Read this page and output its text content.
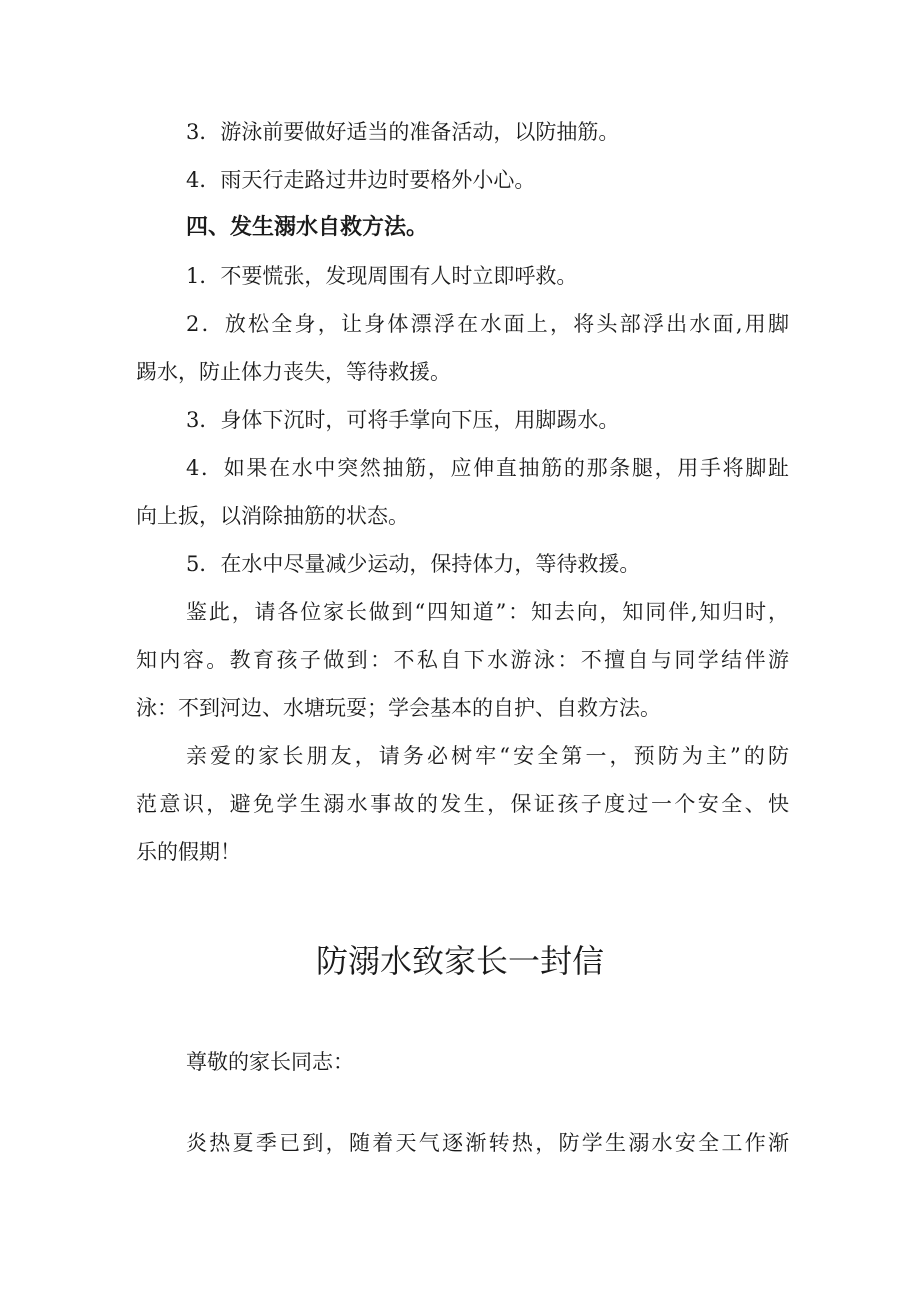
3．游泳前要做好适当的准备活动，以防抽筋。
4．雨天行走路过井边时要格外小心。
四、发生溺水自救方法。
1．不要慌张，发现周围有人时立即呼救。
2．放松全身，让身体漂浮在水面上，将头部浮出水面,用脚
踢水，防止体力丧失，等待救援。
3．身体下沉时，可将手掌向下压，用脚踢水。
4．如果在水中突然抽筋，应伸直抽筋的那条腿，用手将脚趾
向上扳，以消除抽筋的状态。
5．在水中尽量减少运动，保持体力，等待救援。
鉴此，请各位家长做到“四知道”：知去向，知同伴,知归时，
知内容。教育孩子做到：不私自下水游泳：不擅自与同学结伴游
泳：不到河边、水塘玩耍；学会基本的自护、自救方法。
亲爱的家长朋友，请务必树牢“安全第一，预防为主”的防
范意识，避免学生溺水事故的发生，保证孩子度过一个安全、快
乐的假期！
防溺水致家长一封信
尊敬的家长同志：
炎热夏季已到，随着天气逐渐转热，防学生溺水安全工作渐
